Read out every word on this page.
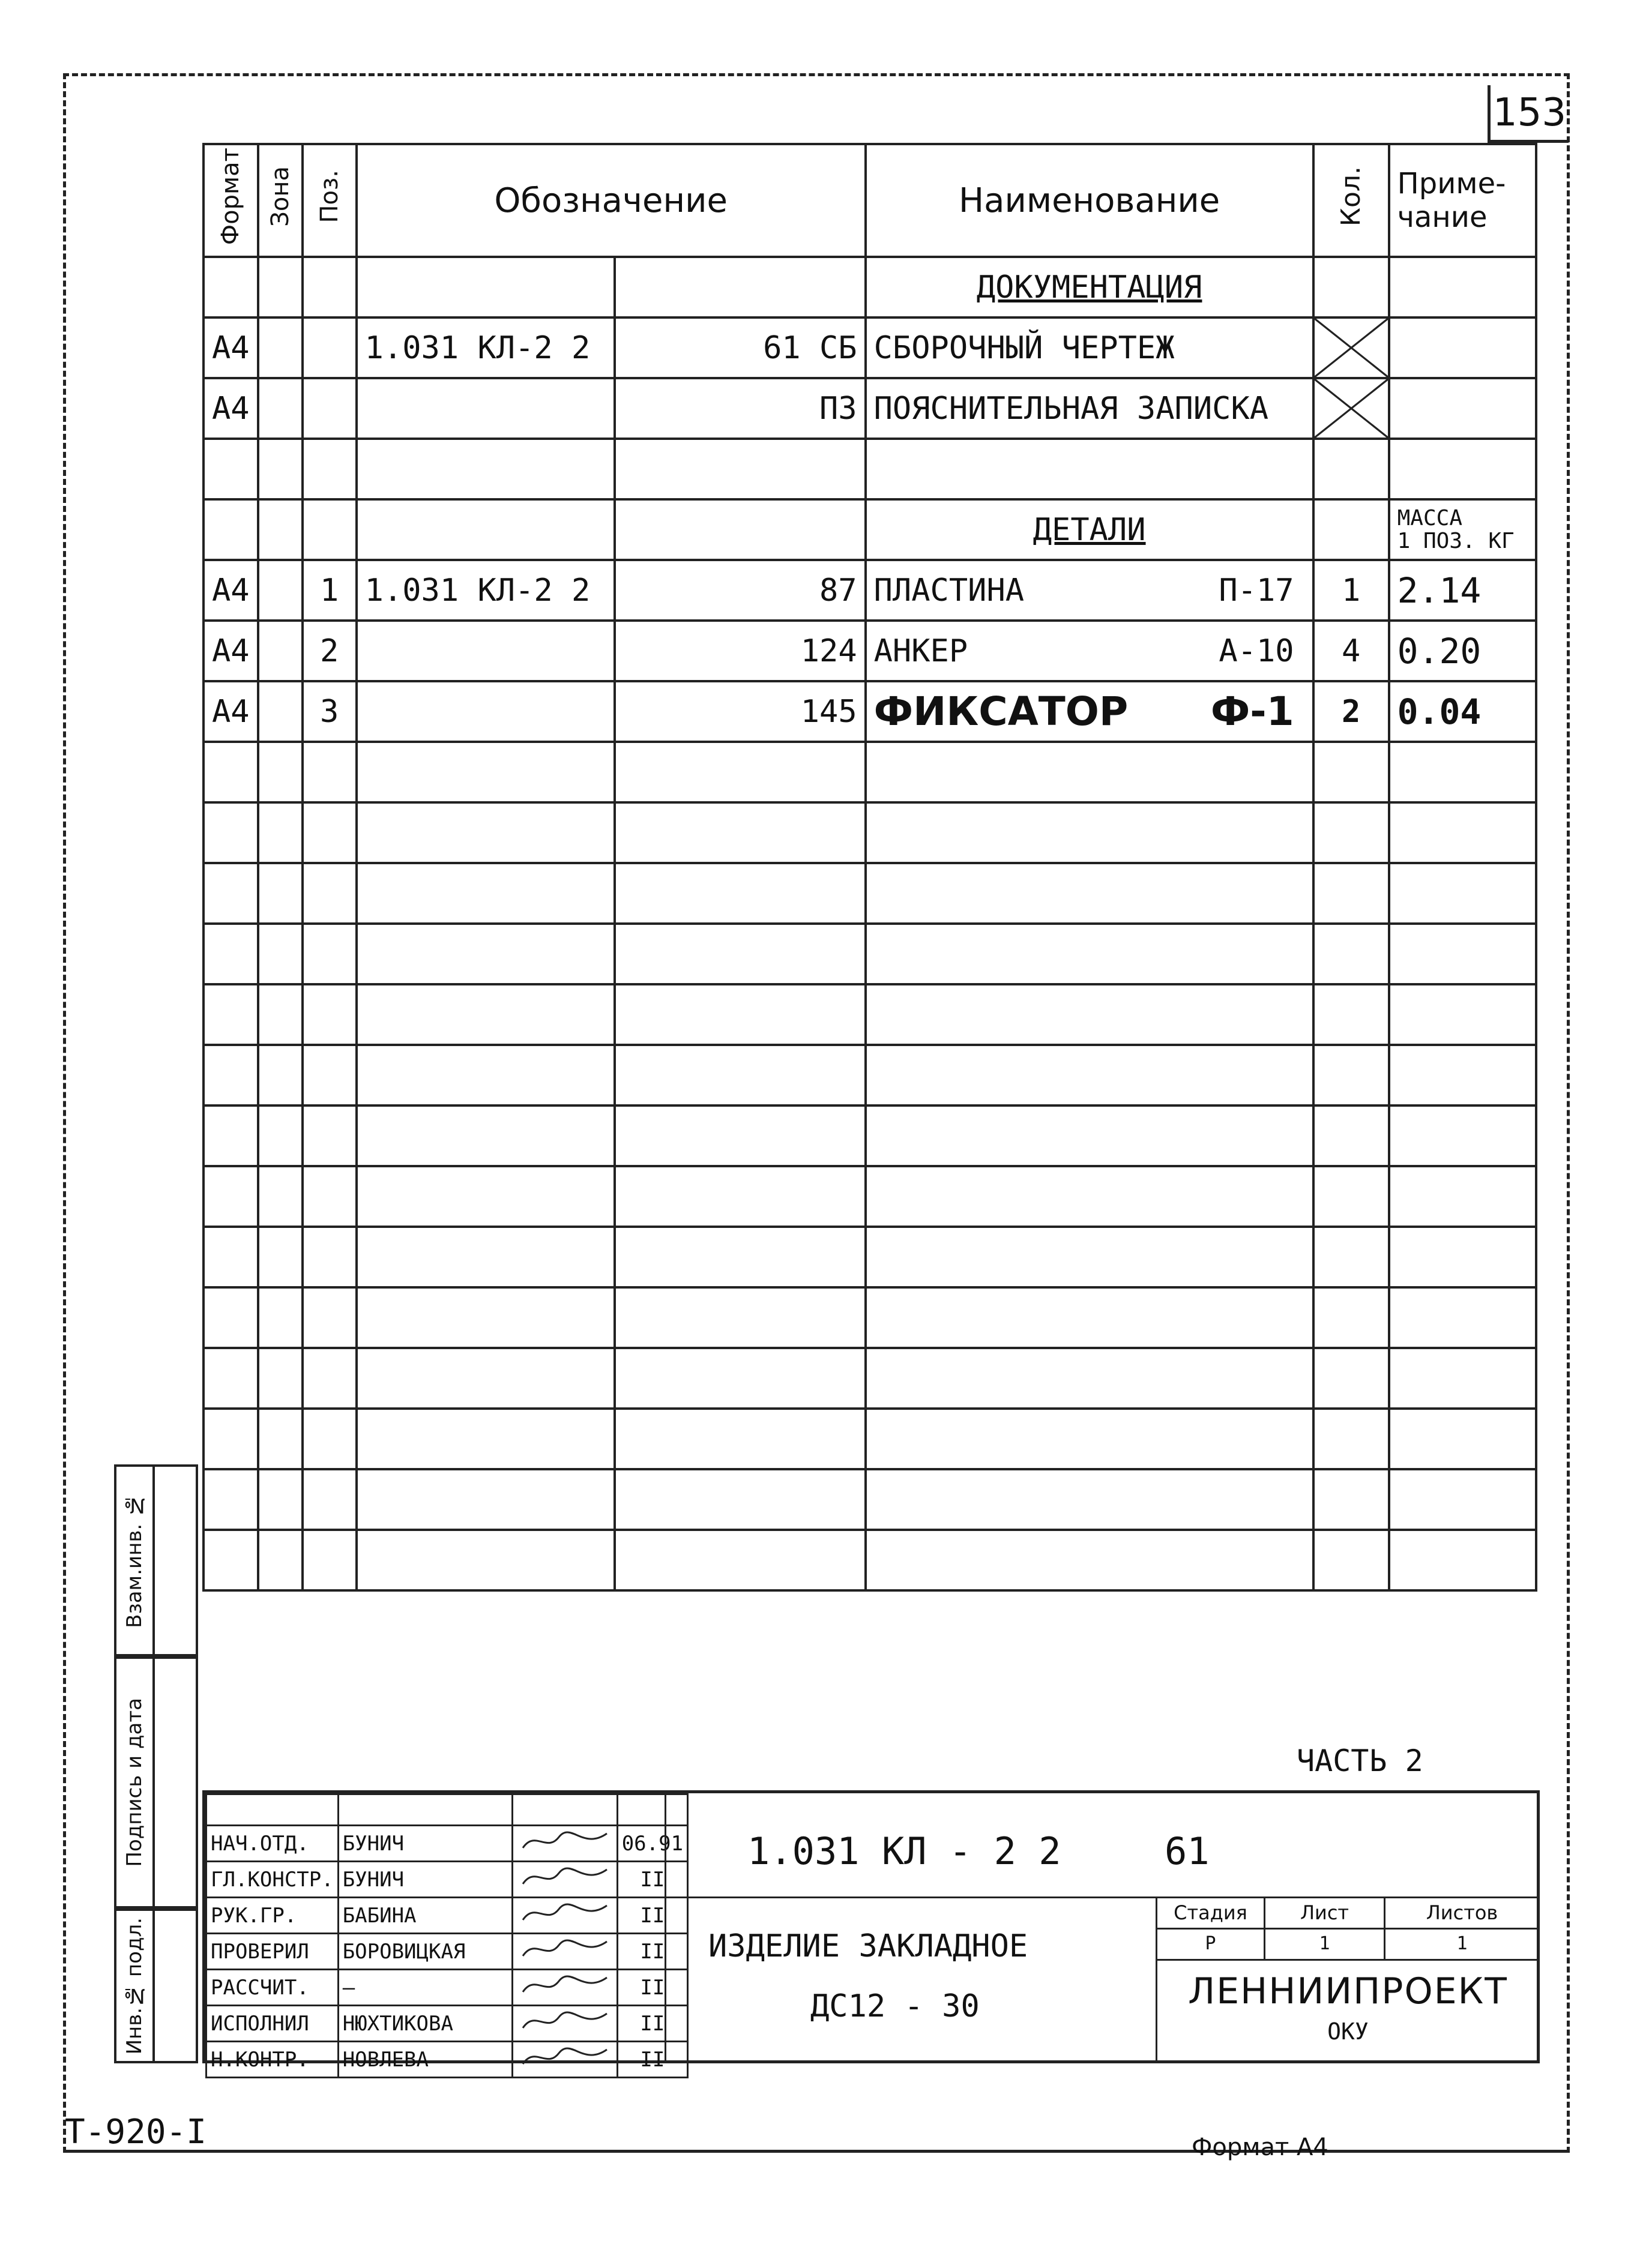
153
Формат	Зона	Поз.	Обозначение		Наименование	Кол.	Приме-
чание
					ДОКУМЕНТАЦИЯ		
А4			1.031 КЛ-2 2	61 СБ	СБОРОЧНЫЙ ЧЕРТЕЖ	

А4				ПЗ	ПОЯСНИТЕЛЬНАЯ ЗАПИСКА	

					ДЕТАЛИ		МАССА
1 ПОЗ. КГ
А4		1	1.031 КЛ-2 2	87	ПЛАСТИНА П-17	1	2.14
А4		2		124	АНКЕР А-10	4	0.20
А4		3		145	ФИКСАТОР Ф-1	2	0.04

Взам.инв. №
Подпись и дата
Инв.№ подл.
ЧАСТЬ 2

НАЧ.ОТД.	БУНИЧ		06.91
ГЛ.КОНСТР.	БУНИЧ		II
РУК.ГР.	БАБИНА		II
ПРОВЕРИЛ	БОРОВИЦКАЯ		II
РАССЧИТ.	—		II
ИСПОЛНИЛ	НЮХТИКОВА		II
Н.КОНТР.	НОВЛЕВА		II
1.031 КЛ - 2 2	61
ИЗДЕЛИЕ ЗАКЛАДНОЕ
ДС12 - 30
Стадия	Лист	Листов
Р	1	1
ЛЕННИИПРОЕКТ
ОКУ
Т-920-I	Формат А4
